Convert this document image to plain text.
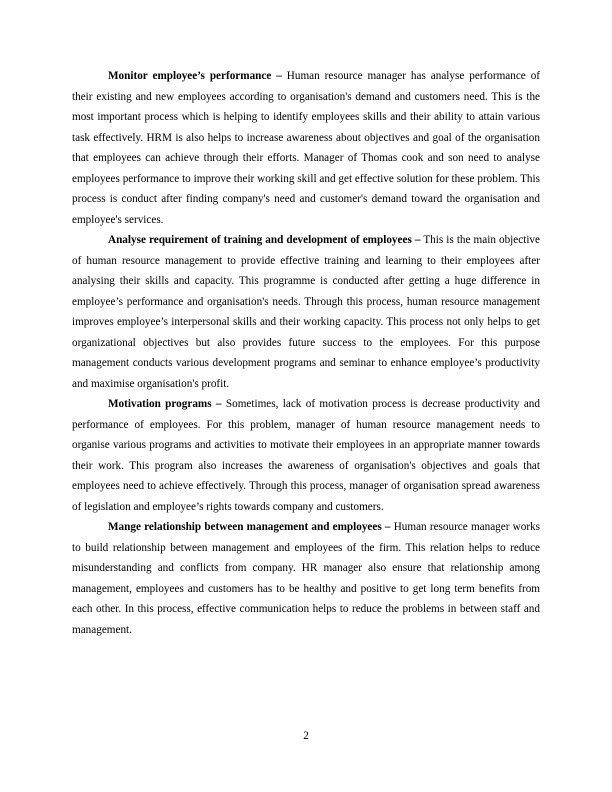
Monitor employee’s performance – Human resource manager has analyse performance of their existing and new employees according to organisation's demand and customers need. This is the most important process which is helping to identify employees skills and their ability to attain various task effectively. HRM is also helps to increase awareness about objectives and goal of the organisation that employees can achieve through their efforts. Manager of Thomas cook and son need to analyse employees performance to improve their working skill and get effective solution for these problem. This process is conduct after finding company's need and customer's demand toward the organisation and employee's services.

Analyse requirement of training and development of employees – This is the main objective of human resource management to provide effective training and learning to their employees after analysing their skills and capacity. This programme is conducted after getting a huge difference in employee’s performance and organisation's needs. Through this process, human resource management improves employee’s interpersonal skills and their working capacity. This process not only helps to get organizational objectives but also provides future success to the employees. For this purpose management conducts various development programs and seminar to enhance employee’s productivity and maximise organisation's profit.

Motivation programs – Sometimes, lack of motivation process is decrease productivity and performance of employees. For this problem, manager of human resource management needs to organise various programs and activities to motivate their employees in an appropriate manner towards their work. This program also increases the awareness of organisation's objectives and goals that employees need to achieve effectively. Through this process, manager of organisation spread awareness of legislation and employee’s rights towards company and customers.

Mange relationship between management and employees – Human resource manager works to build relationship between management and employees of the firm. This relation helps to reduce misunderstanding and conflicts from company. HR manager also ensure that relationship among management, employees and customers has to be healthy and positive to get long term benefits from each other. In this process, effective communication helps to reduce the problems in between staff and management.

2
